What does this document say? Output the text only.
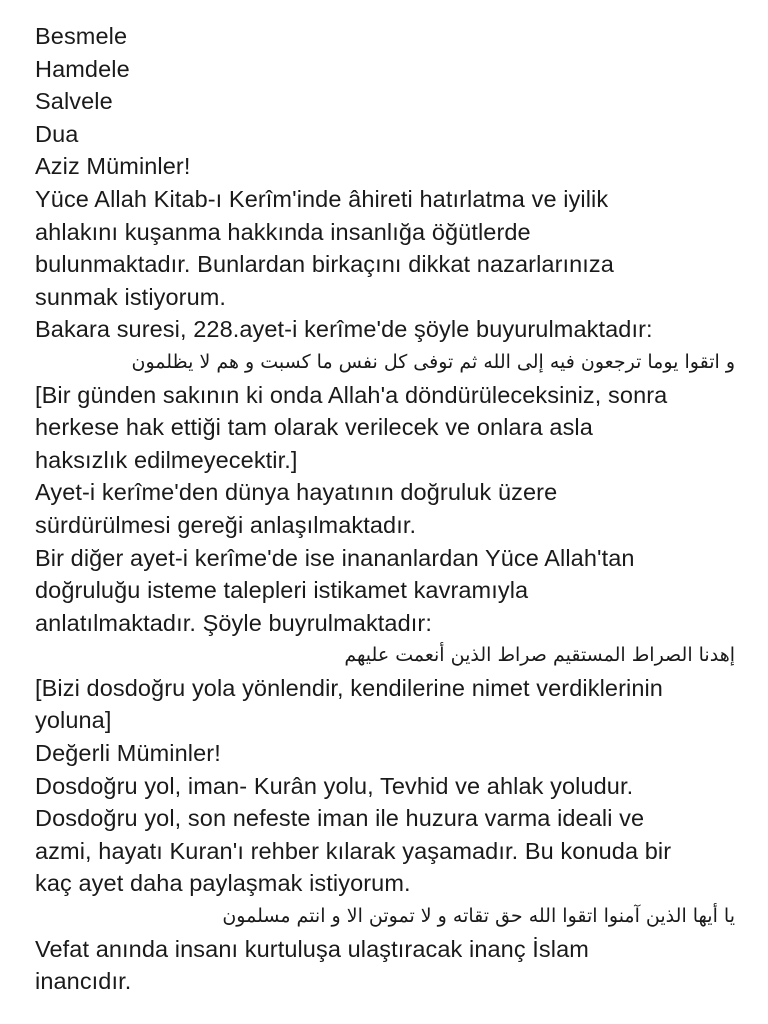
Besmele
Hamdele
Salvele
Dua
Aziz Müminler!
Yüce Allah Kitab-ı Kerîm'inde âhireti hatırlatma ve iyilik
ahlakını kuşanma hakkında insanlığa öğütlerde
bulunmaktadır. Bunlardan birkaçını dikkat nazarlarınıza
sunmak istiyorum.
Bakara suresi, 228.ayet-i kerîme'de şöyle buyurulmaktadır:
و اتقوا يوما ترجعون فيه إلى الله ثم توفى كل نفس ما كسبت و هم لا يظلمون
[Bir günden sakının ki onda Allah'a döndürüleceksiniz, sonra
herkese hak ettiği tam olarak verilecek ve onlara asla
haksızlık edilmeyecektir.]
Ayet-i kerîme'den dünya hayatının doğruluk üzere
sürdürülmesi gereği anlaşılmaktadır.
Bir diğer ayet-i kerîme'de ise inananlardan Yüce Allah'tan
doğruluğu isteme talepleri istikamet kavramıyla
anlatılmaktadır. Şöyle buyrulmaktadır:
إهدنا الصراط المستقيم صراط الذين أنعمت عليهم
[Bizi dosdoğru yola yönlendir, kendilerine nimet verdiklerinin
yoluna]
Değerli Müminler!
Dosdoğru yol, iman- Kurân yolu, Tevhid ve ahlak yoludur.
Dosdoğru yol, son nefeste iman ile huzura varma ideali ve
azmi, hayatı Kuran'ı rehber kılarak yaşamadır. Bu konuda bir
kaç ayet daha paylaşmak istiyorum.
يا أيها الذين آمنوا اتقوا الله حق تقاته و لا تموتن الا و انتم مسلمون
Vefat anında insanı kurtuluşa ulaştıracak inanç İslam
inancıdır.
